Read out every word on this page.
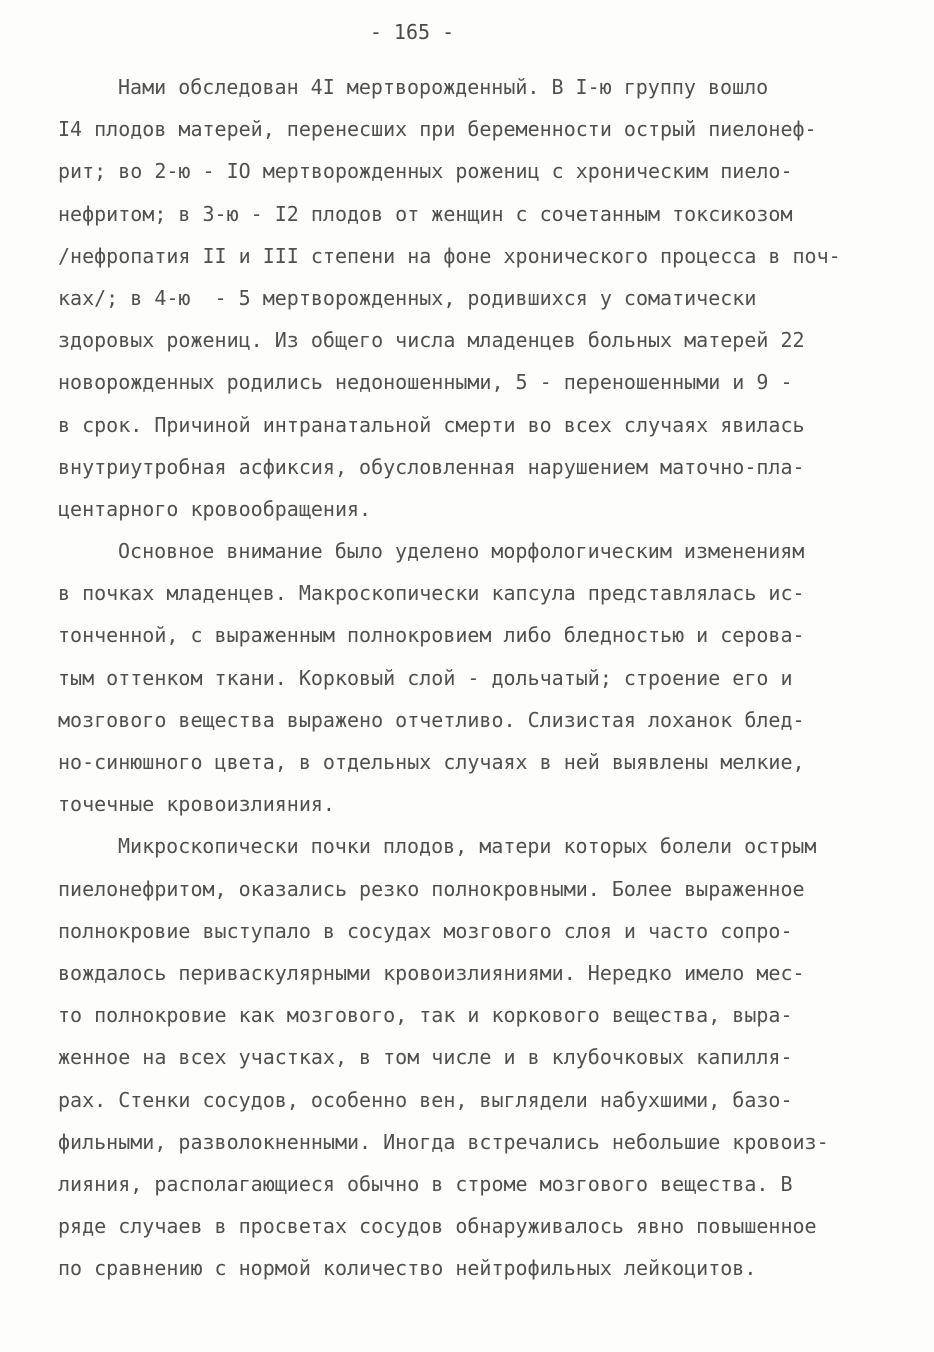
- 165 -
Нами обследован 4I мертворожденный. В I-ю группу вошло
I4 плодов матерей, перенесших при беременности острый пиелонеф-
рит; во 2-ю - IО мертворожденных рожениц с хроническим пиело-
нефритом; в 3-ю - I2 плодов от женщин с сочетанным токсикозом
/нефропатия II и III степени на фоне хронического процесса в поч-
ках/; в 4-ю  - 5 мертворожденных, родившихся у соматически
здоровых рожениц. Из общего числа младенцев больных матерей 22
новорожденных родились недоношенными, 5 - переношенными и 9 -
в срок. Причиной интранатальной смерти во всех случаях явилась
внутриутробная асфиксия, обусловленная нарушением маточно-пла-
центарного кровообращения.
Основное внимание было уделено морфологическим изменениям
в почках младенцев. Макроскопически капсула представлялась ис-
тонченной, с выраженным полнокровием либо бледностью и серова-
тым оттенком ткани. Корковый слой - дольчатый; строение его и
мозгового вещества выражено отчетливо. Слизистая лоханок блед-
но-синюшного цвета, в отдельных случаях в ней выявлены мелкие,
точечные кровоизлияния.
Микроскопически почки плодов, матери которых болели острым
пиелонефритом, оказались резко полнокровными. Более выраженное
полнокровие выступало в сосудах мозгового слоя и часто сопро-
вождалось периваскулярными кровоизлияниями. Нередко имело мес-
то полнокровие как мозгового, так и коркового вещества, выра-
женное на всех участках, в том числе и в клубочковых капилля-
рах. Стенки сосудов, особенно вен, выглядели набухшими, базо-
фильными, разволокненными. Иногда встречались небольшие кровоиз-
лияния, располагающиеся обычно в строме мозгового вещества. В
ряде случаев в просветах сосудов обнаруживалось явно повышенное
по сравнению с нормой количество нейтрофильных лейкоцитов.
